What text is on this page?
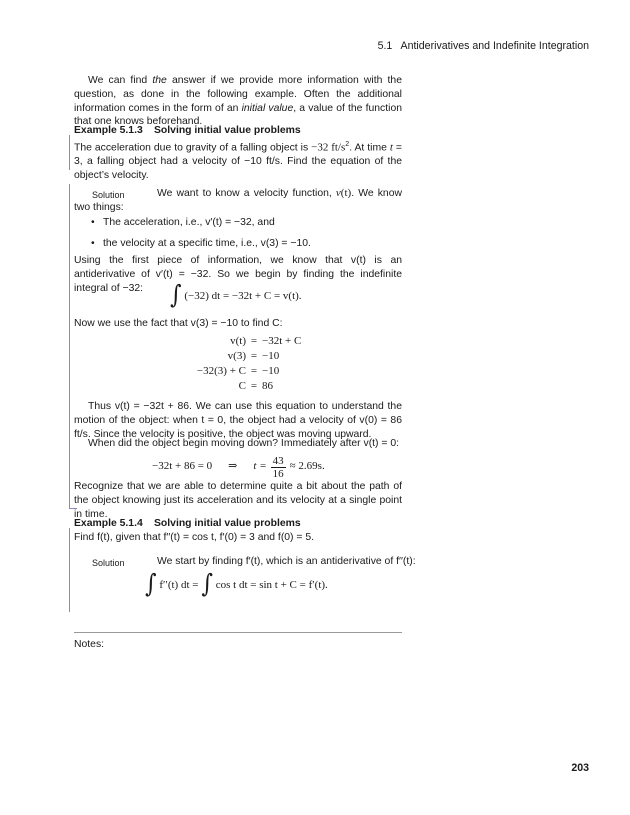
5.1   Antiderivatives and Indefinite Integration

We can find the answer if we provide more information with the question, as done in the following example. Often the additional information comes in the form of an initial value, a value of the function that one knows beforehand.

Example 5.1.3 Solving initial value problems

The acceleration due to gravity of a falling object is −32 $ft/s^2$. At time t = 3, a falling object had a velocity of −10 ft/s. Find the equation of the object’s velocity.

Solution	We want to know a velocity function, v(t). We know two things:

• The acceleration, i.e., v′(t) = −32, and
• the velocity at a specific time, i.e., v(3) = −10.

Using the first piece of information, we know that v(t) is an antiderivative of v′(t) = −32. So we begin by finding the indefinite integral of −32:	∫ (−32) dt = −32t + C = v(t).

Now we use the fact that v(3) = −10 to find C:

v(t)	=	−32t + C
v(3)	=	−10
−32(3) + C	=	−10
C	=	86

Thus v(t) = −32t + 86. We can use this equation to understand the motion of the object: when t = 0, the object had a velocity of v(0) = 86 ft/s. Since the velocity is positive, the object was moving upward.

When did the object begin moving down? Immediately after v(t) = 0:

−32t + 86 = 0 ⇒ $t = \frac{43}{16} \approx 2.69s$.

Recognize that we are able to determine quite a bit about the path of the object knowing just its acceleration and its velocity at a single point in time.

Example 5.1.4 Solving initial value problems

Find f(t), given that f′′(t) = cos t, f′(0) = 3 and f(0) = 5.

Solution	We start by finding f′(t), which is an antiderivative of f′′(t):

∫ f′′(t) dt = ∫ cos t dt = sin t + C = f′(t).
Notes:
203
